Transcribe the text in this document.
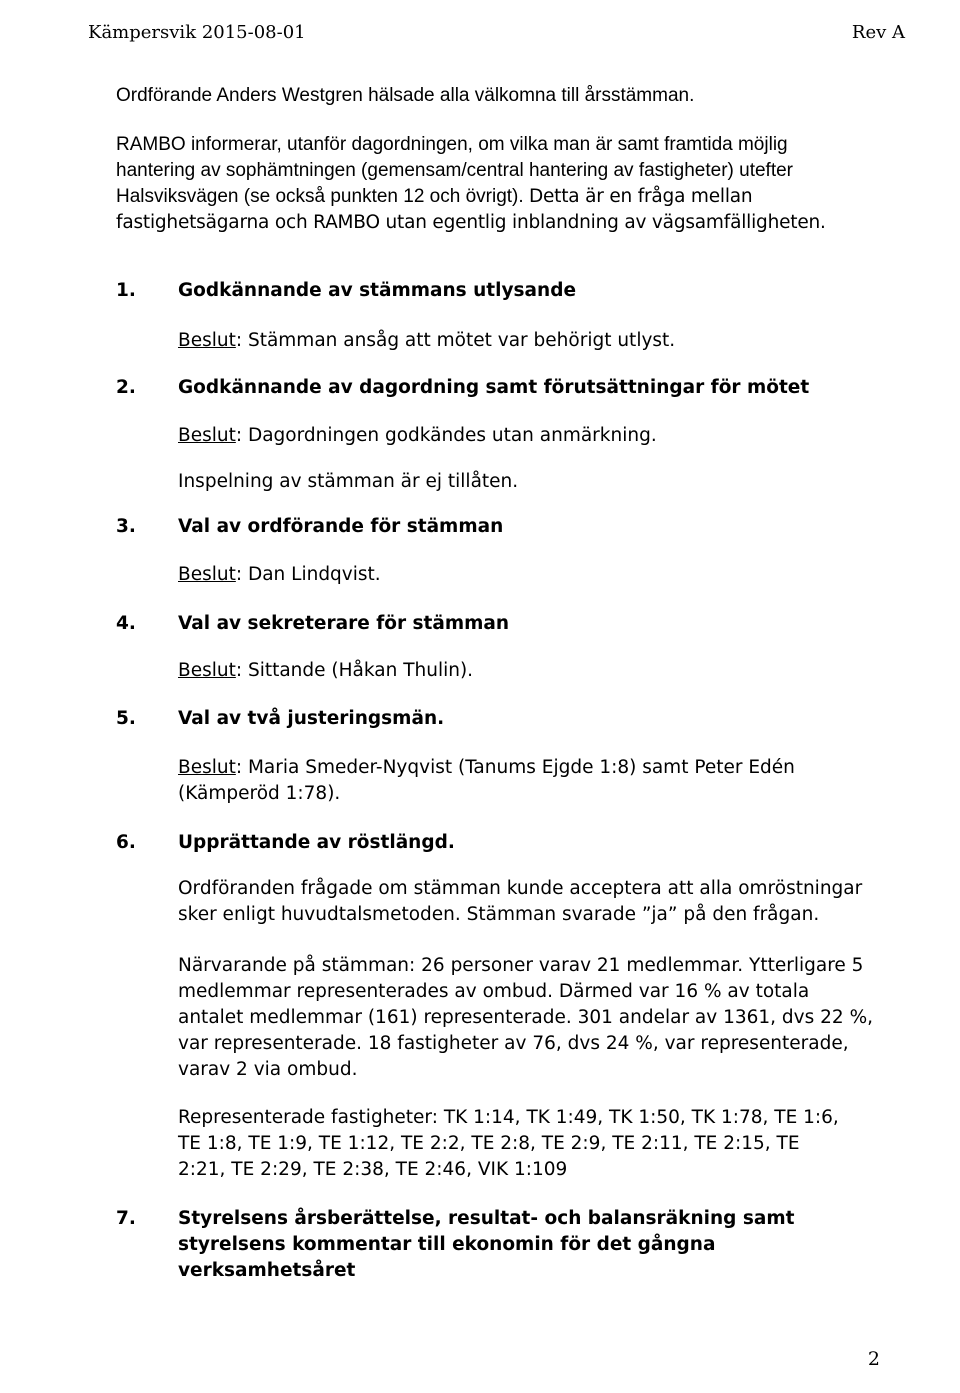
Kämpersvik 2015-08-01	Rev A
Ordförande Anders Westgren hälsade alla välkomna till årsstämman.
RAMBO informerar, utanför dagordningen, om vilka man är samt framtida möjlig
hantering av sophämtningen (gemensam/central hantering av fastigheter) utefter
Halsviksvägen (se också punkten 12 och övrigt). Detta är en fråga mellan
fastighetsägarna och RAMBO utan egentlig inblandning av vägsamfälligheten.
1. Godkännande av stämmans utlysande
Beslut: Stämman ansåg att mötet var behörigt utlyst.
2. Godkännande av dagordning samt förutsättningar för mötet
Beslut: Dagordningen godkändes utan anmärkning.
Inspelning av stämman är ej tillåten.
3. Val av ordförande för stämman
Beslut: Dan Lindqvist.
4. Val av sekreterare för stämman
Beslut: Sittande (Håkan Thulin).
5. Val av två justeringsmän.
Beslut: Maria Smeder-Nyqvist (Tanums Ejgde 1:8) samt Peter Edén
(Kämperöd 1:78).
6. Upprättande av röstlängd.
Ordföranden frågade om stämman kunde acceptera att alla omröstningar
sker enligt huvudtalsmetoden. Stämman svarade ”ja” på den frågan.
Närvarande på stämman: 26 personer varav 21 medlemmar. Ytterligare 5
medlemmar representerades av ombud. Därmed var 16 % av totala
antalet medlemmar (161) representerade. 301 andelar av 1361, dvs 22 %,
var representerade. 18 fastigheter av 76, dvs 24 %, var representerade,
varav 2 via ombud.
Representerade fastigheter: TK 1:14, TK 1:49, TK 1:50, TK 1:78, TE 1:6,
TE 1:8, TE 1:9, TE 1:12, TE 2:2, TE 2:8, TE 2:9, TE 2:11, TE 2:15, TE
2:21, TE 2:29, TE 2:38, TE 2:46, VIK 1:109
7. Styrelsens årsberättelse, resultat- och balansräkning samt
styrelsens kommentar till ekonomin för det gångna
verksamhetsåret
2
